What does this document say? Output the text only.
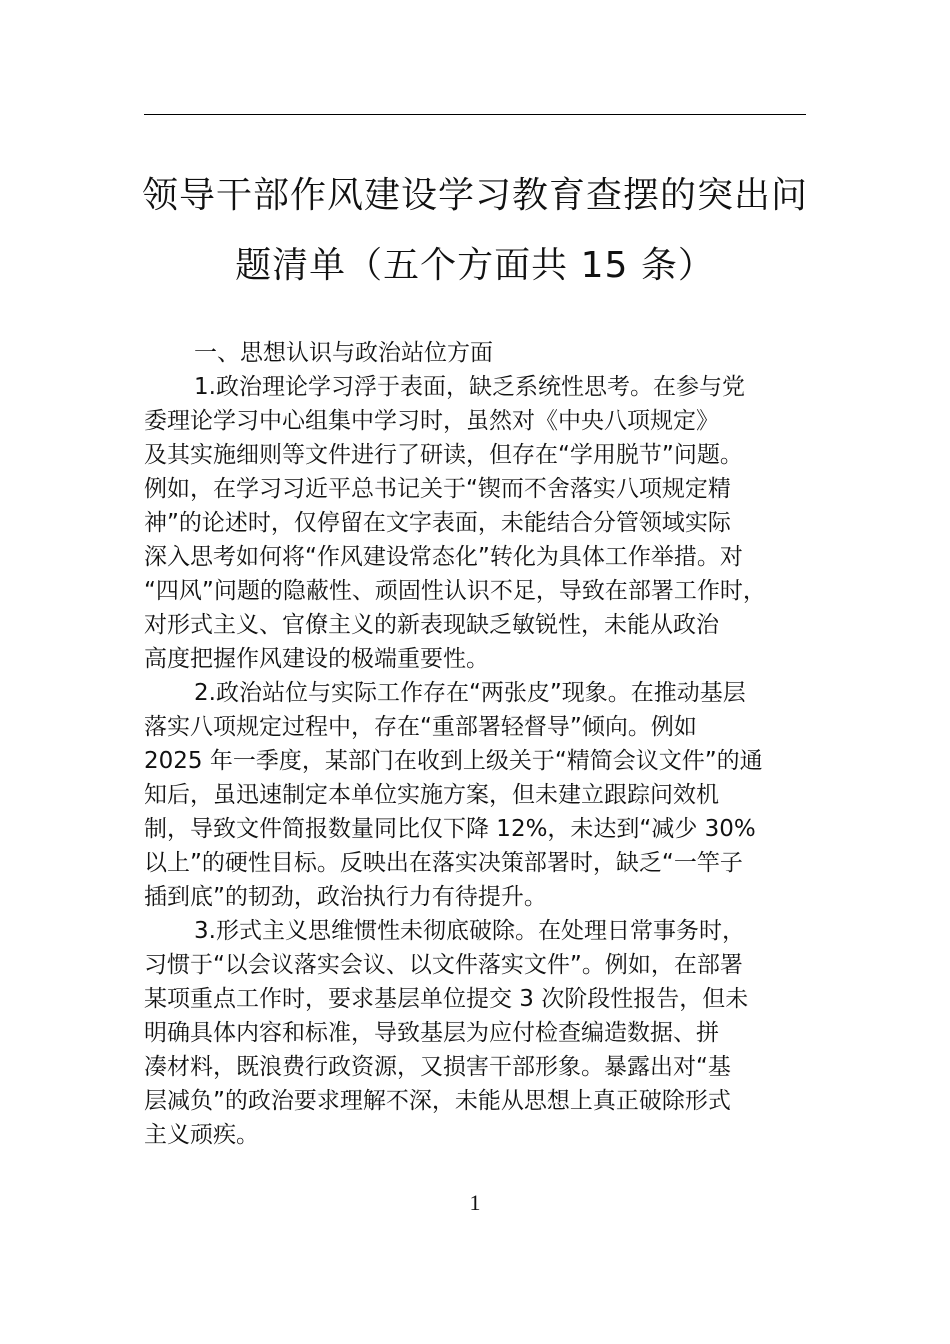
领导干部作风建设学习教育查摆的突出问
题清单（五个方面共 15 条）
一、思想认识与政治站位方面
1.政治理论学习浮于表面，缺乏系统性思考。在参与党
委理论学习中心组集中学习时，虽然对《中央八项规定》
及其实施细则等文件进行了研读，但存在“学用脱节”问题。
例如，在学习习近平总书记关于“锲而不舍落实八项规定精
神”的论述时，仅停留在文字表面，未能结合分管领域实际
深入思考如何将“作风建设常态化”转化为具体工作举措。对
“四风”问题的隐蔽性、顽固性认识不足，导致在部署工作时，
对形式主义、官僚主义的新表现缺乏敏锐性，未能从政治
高度把握作风建设的极端重要性。
2.政治站位与实际工作存在“两张皮”现象。在推动基层
落实八项规定过程中，存在“重部署轻督导”倾向。例如
2025 年一季度，某部门在收到上级关于“精简会议文件”的通
知后，虽迅速制定本单位实施方案，但未建立跟踪问效机
制，导致文件简报数量同比仅下降 12%，未达到“减少 30%
以上”的硬性目标。反映出在落实决策部署时，缺乏“一竿子
插到底”的韧劲，政治执行力有待提升。
3.形式主义思维惯性未彻底破除。在处理日常事务时，
习惯于“以会议落实会议、以文件落实文件”。例如，在部署
某项重点工作时，要求基层单位提交 3 次阶段性报告，但未
明确具体内容和标准，导致基层为应付检查编造数据、拼
凑材料，既浪费行政资源，又损害干部形象。暴露出对“基
层减负”的政治要求理解不深，未能从思想上真正破除形式
主义顽疾。
1
